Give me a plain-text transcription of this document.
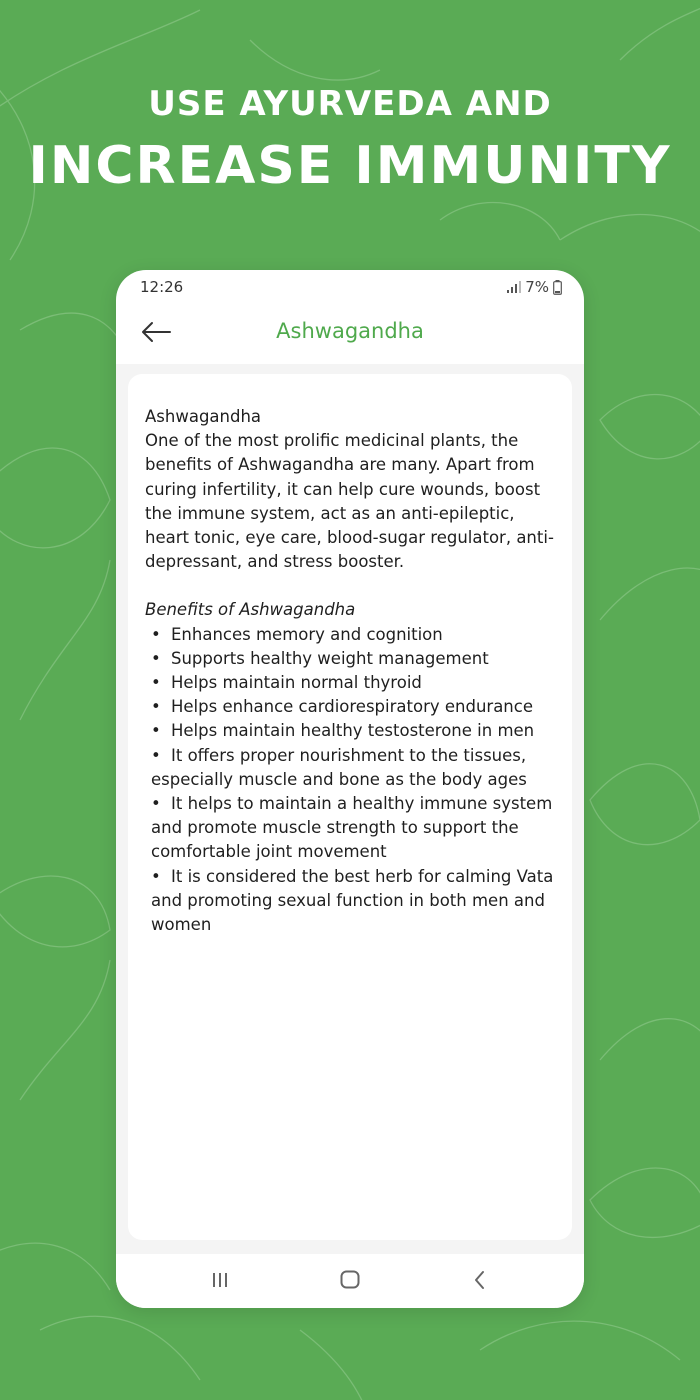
USE AYURVEDA AND
INCREASE IMMUNITY
12:26	7%
Ashwagandha
Ashwagandha

One of the most prolific medicinal plants, the benefits of Ashwagandha are many. Apart from curing infertility, it can help cure wounds, boost the immune system, act as an anti-epileptic, heart tonic, eye care, blood-sugar regulator, anti-depressant, and stress booster.

Benefits of Ashwagandha
• Enhances memory and cognition
• Supports healthy weight management
• Helps maintain normal thyroid
• Helps enhance cardiorespiratory endurance
• Helps maintain healthy testosterone in men
• It offers proper nourishment to the tissues, especially muscle and bone as the body ages
• It helps to maintain a healthy immune system and promote muscle strength to support the comfortable joint movement
• It is considered the best herb for calming Vata and promoting sexual function in both men and women
